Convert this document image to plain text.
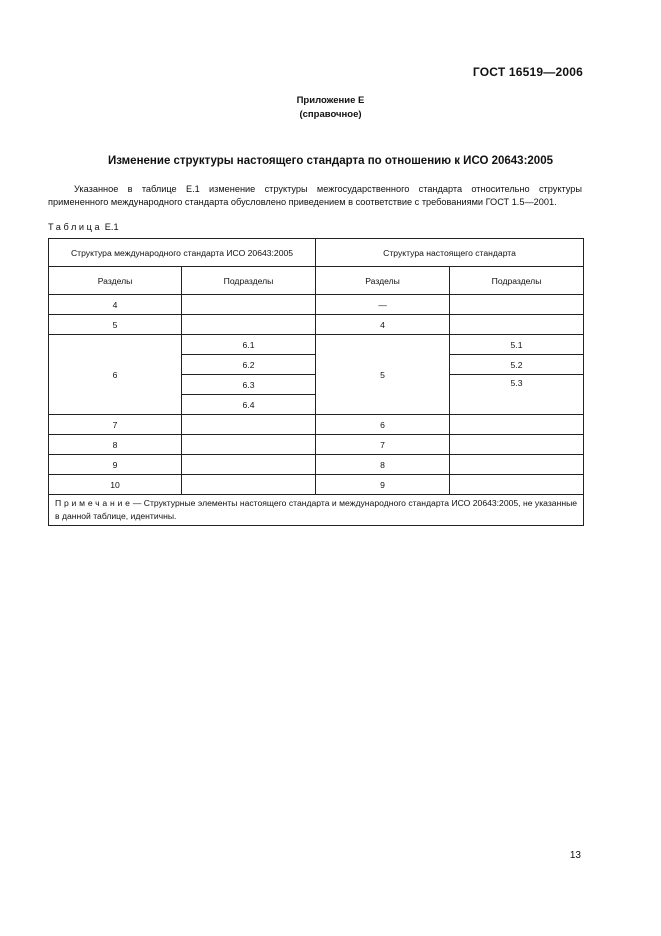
ГОСТ 16519—2006
Приложение Е
(справочное)
Изменение структуры настоящего стандарта по отношению к ИСО 20643:2005
Указанное в таблице Е.1 изменение структуры межгосударственного стандарта относительно структуры примененного международного стандарта обусловлено приведением в соответствие с требованиями ГОСТ 1.5—2001.
Таблица Е.1
Структура международного стандарта ИСО 20643:2005		Структура настоящего стандарта	
Разделы	Подразделы	Разделы	Подразделы
4		—	
5		4	
6	6.1	5	5.1
	6.2		5.2
	6.3		5.3
	6.4		
7		6	
8		7	
9		8	
10		9	
Примечание— Структурные элементы настоящего стандарта и международного стандарта ИСО 20643:2005, не указанные в данной таблице, идентичны.			
13
